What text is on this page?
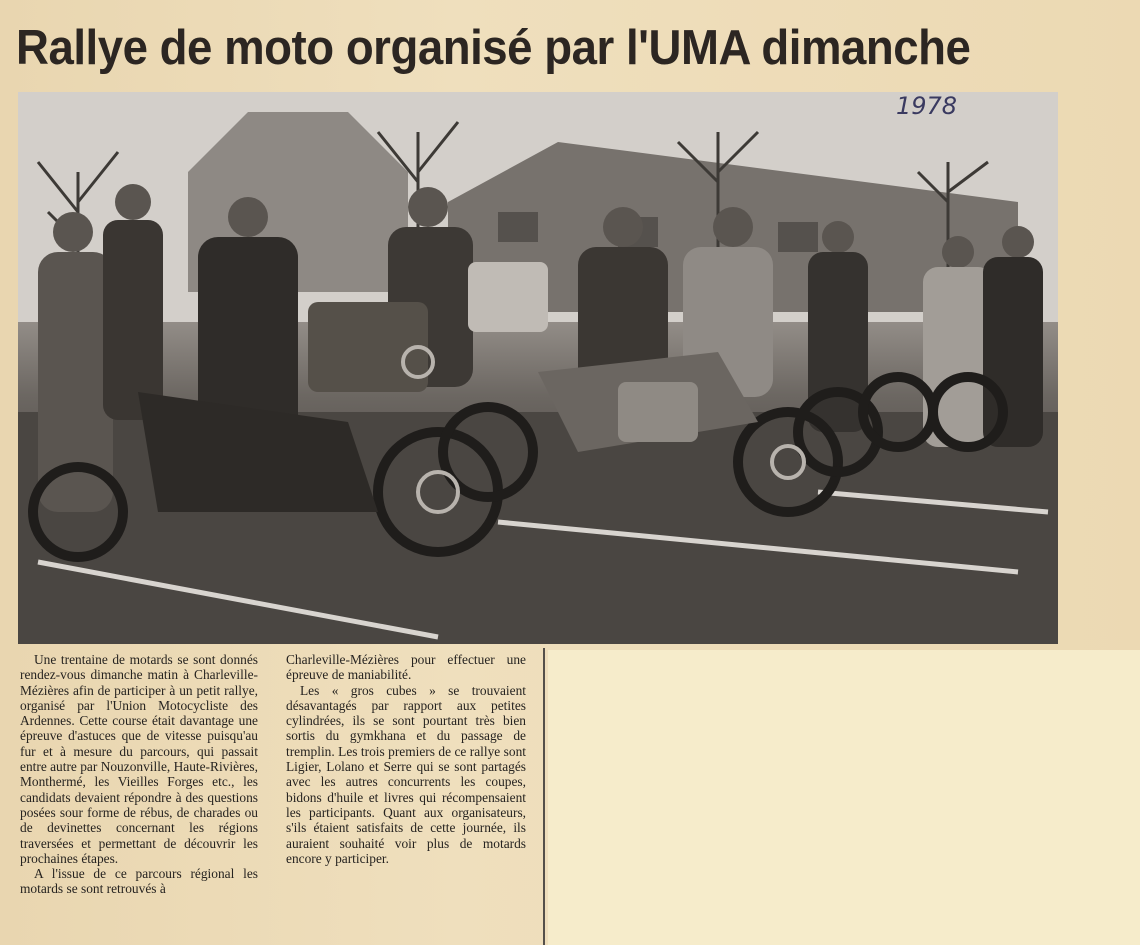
Rallye de moto organisé par l'UMA dimanche
1978

Une trentaine de motards se sont donnés rendez-vous dimanche matin à Charleville-Mézières afin de participer à un petit rallye, organisé par l'Union Motocycliste des Ardennes. Cette course était davantage une épreuve d'astuces que de vitesse puisqu'au fur et à mesure du parcours, qui passait entre autre par Nouzonville, Haute-Rivières, Monthermé, les Vieilles Forges etc., les candidats devaient répondre à des questions posées sour forme de rébus, de charades ou de devinettes concernant les régions traversées et permettant de découvrir les prochaines étapes.

A l'issue de ce parcours régional les motards se sont retrouvés à

Charleville-Mézières pour effectuer une épreuve de maniabilité.

Les « gros cubes » se trouvaient désavantagés par rapport aux petites cylindrées, ils se sont pourtant très bien sortis du gymkhana et du passage de tremplin. Les trois premiers de ce rallye sont Ligier, Lolano et Serre qui se sont partagés avec les autres concurrents les coupes, bidons d'huile et livres qui récompensaient les participants. Quant aux organisateurs, s'ils étaient satisfaits de cette journée, ils auraient souhaité voir plus de motards encore y participer.
